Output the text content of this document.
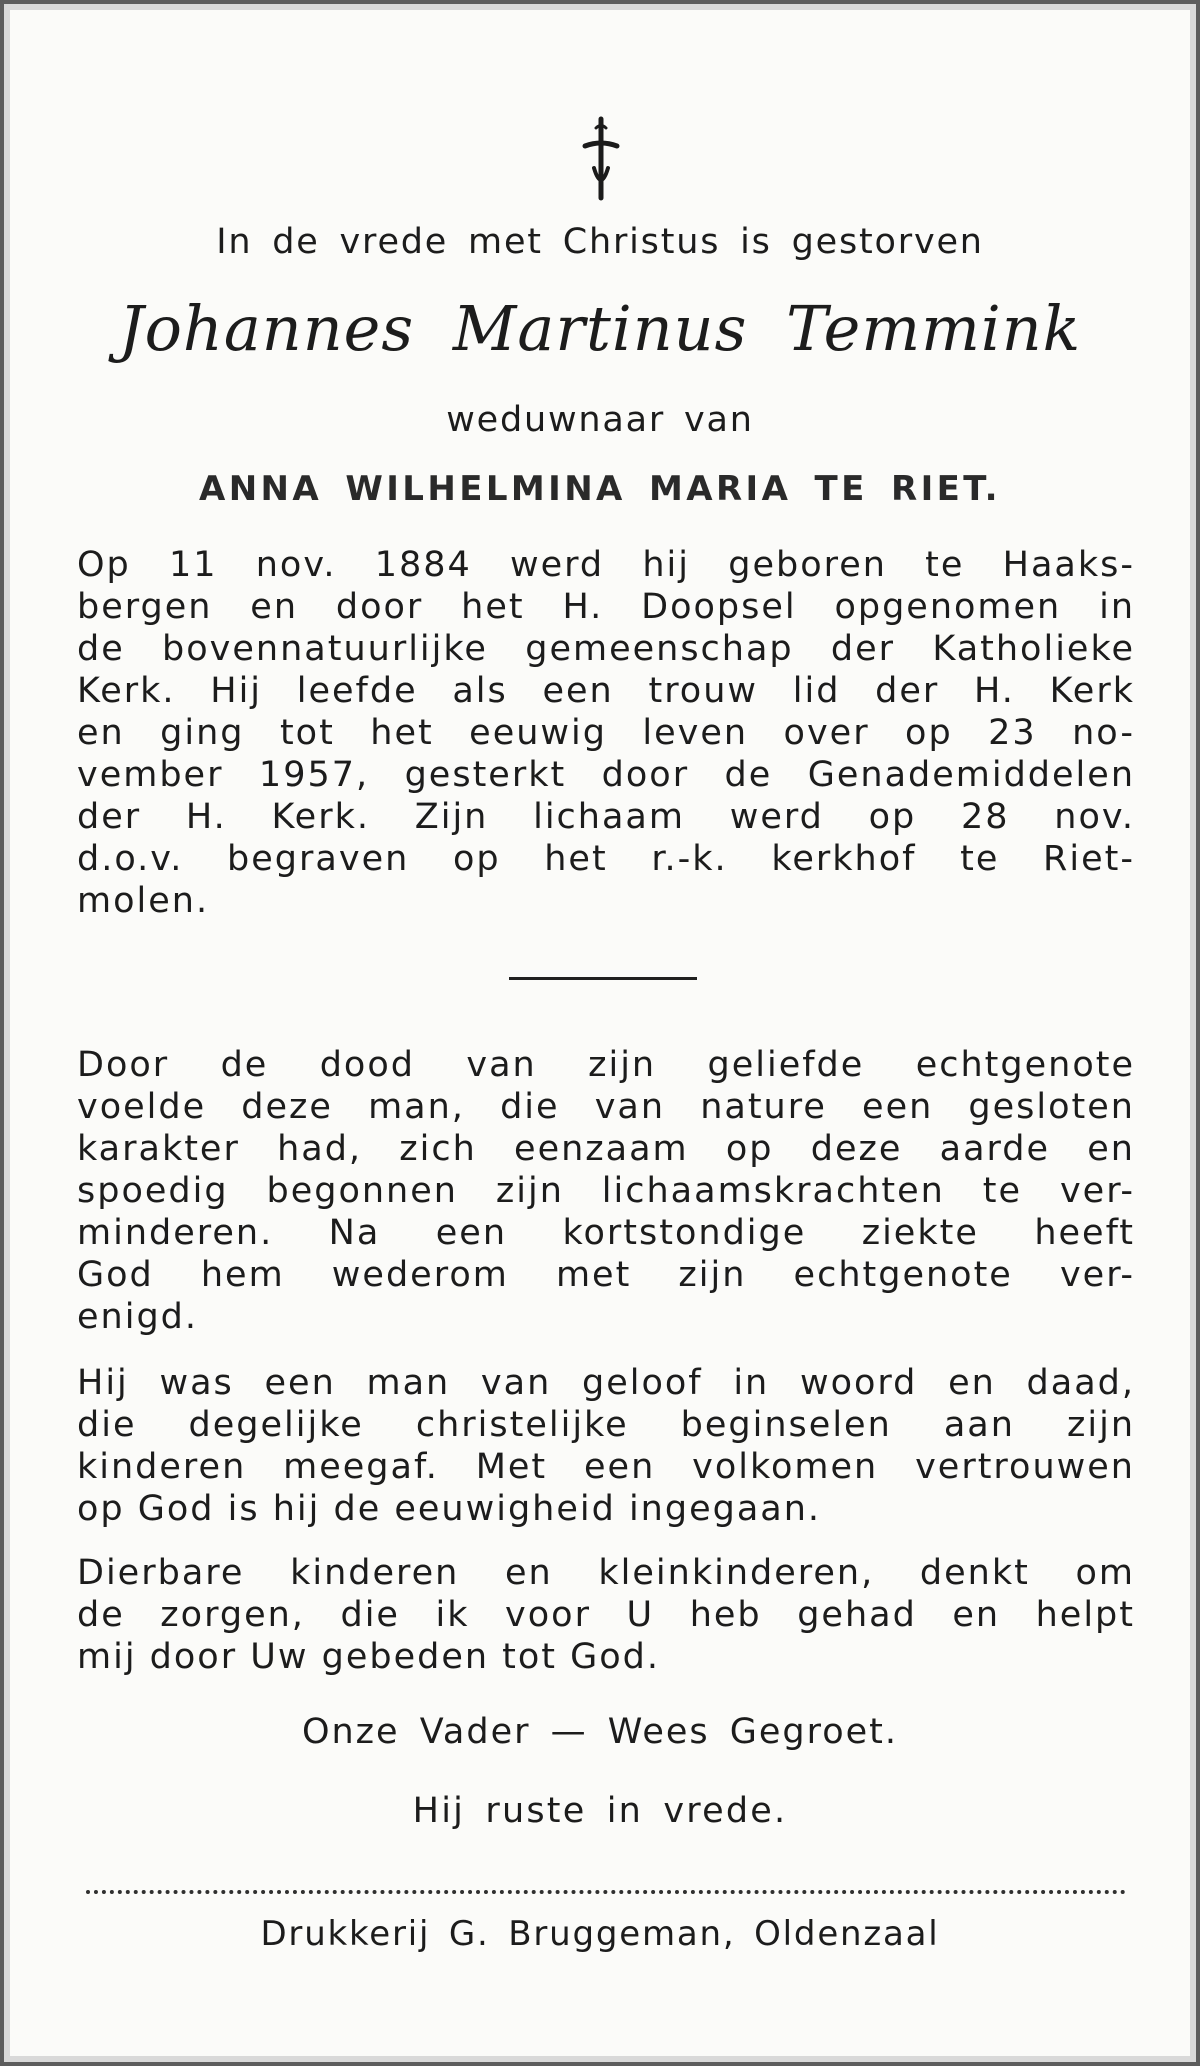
In de vrede met Christus is gestorven
Johannes Martinus Temmink
weduwnaar van
ANNA WILHELMINA MARIA TE RIET.
Op 11 nov. 1884 werd hij geboren te Haaks-
bergen en door het H. Doopsel opgenomen in
de bovennatuurlijke gemeenschap der Katholieke
Kerk. Hij leefde als een trouw lid der H. Kerk
en ging tot het eeuwig leven over op 23 no-
vember 1957, gesterkt door de Genademiddelen
der H. Kerk. Zijn lichaam werd op 28 nov.
d.o.v. begraven op het r.-k. kerkhof te Riet-
molen.
Door de dood van zijn geliefde echtgenote
voelde deze man, die van nature een gesloten
karakter had, zich eenzaam op deze aarde en
spoedig begonnen zijn lichaamskrachten te ver-
minderen. Na een kortstondige ziekte heeft
God hem wederom met zijn echtgenote ver-
enigd.
Hij was een man van geloof in woord en daad,
die degelijke christelijke beginselen aan zijn
kinderen meegaf. Met een volkomen vertrouwen
op God is hij de eeuwigheid ingegaan.
Dierbare kinderen en kleinkinderen, denkt om
de zorgen, die ik voor U heb gehad en helpt
mij door Uw gebeden tot God.
Onze Vader — Wees Gegroet.
Hij ruste in vrede.
Drukkerij G. Bruggeman, Oldenzaal
